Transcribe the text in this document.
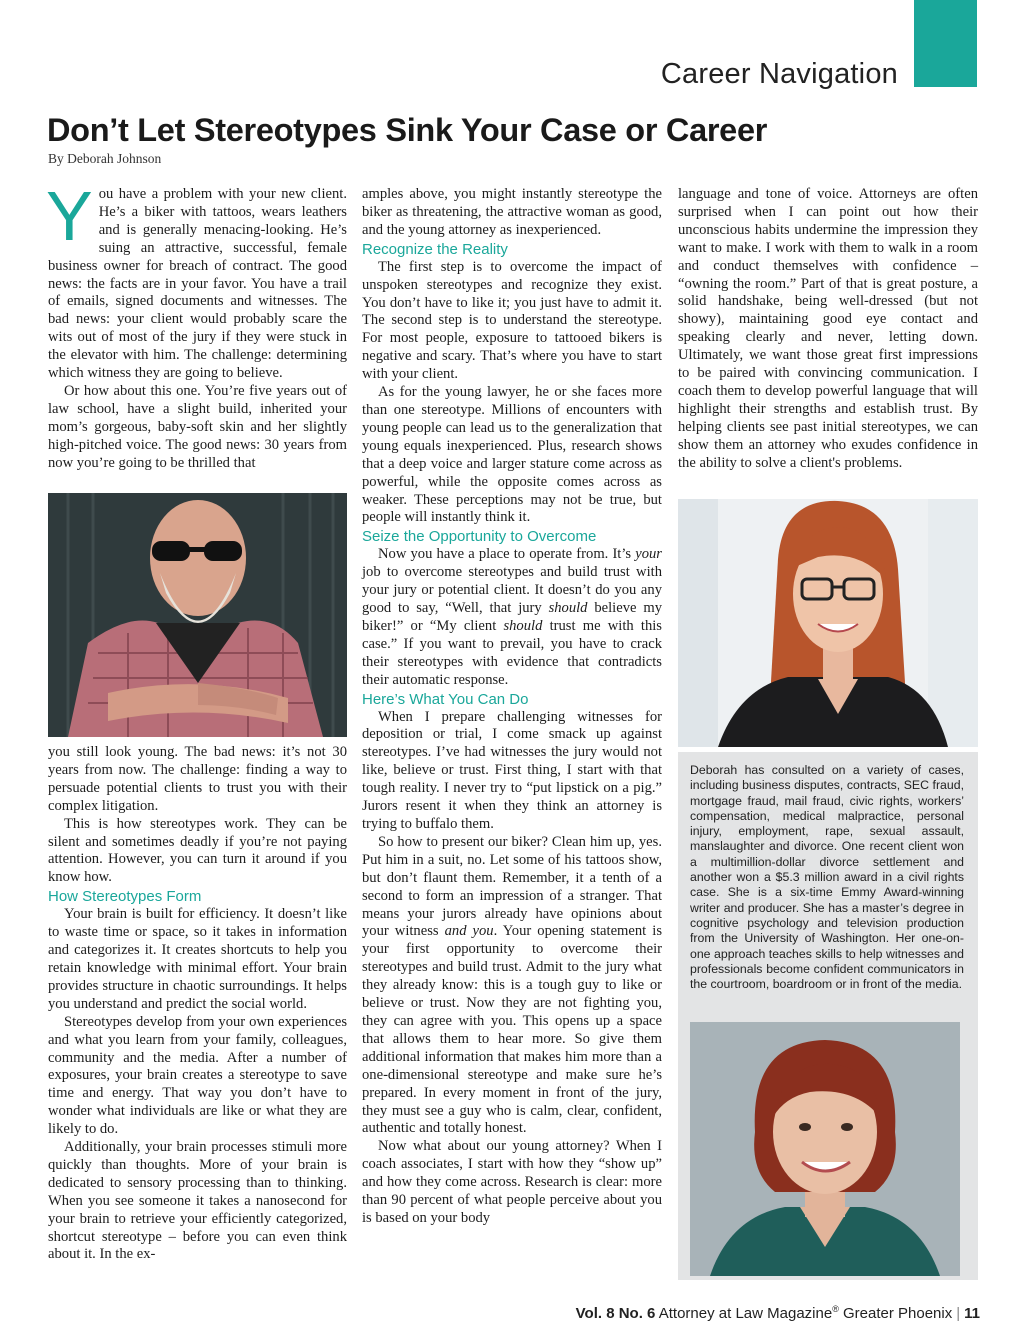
Career Navigation
Don’t Let Stereotypes Sink Your Case or Career
By Deborah Johnson

You have a problem with your new client. He’s a biker with tattoos, wears leathers and is generally menacing-looking. He’s suing an attractive, successful, female business owner for breach of contract. The good news: the facts are in your favor. You have a trail of emails, signed documents and witnesses. The bad news: your client would probably scare the wits out of most of the jury if they were stuck in the elevator with him. The challenge: determining which witness they are going to believe.

Or how about this one. You’re five years out of law school, have a slight build, inherited your mom’s gorgeous, baby-soft skin and her slightly high-pitched voice. The good news: 30 years from now you’re going to be thrilled that

you still look young. The bad news: it’s not 30 years from now. The challenge: finding a way to persuade potential clients to trust you with their complex litigation.

This is how stereotypes work. They can be silent and sometimes deadly if you’re not paying attention. However, you can turn it around if you know how.

How Stereotypes Form

Your brain is built for efficiency. It doesn’t like to waste time or space, so it takes in information and categorizes it. It creates shortcuts to help you retain knowledge with minimal effort. Your brain provides structure in chaotic surroundings. It helps you understand and predict the social world.

Stereotypes develop from your own experiences and what you learn from your family, colleagues, community and the media. After a number of exposures, your brain creates a stereotype to save time and energy. That way you don’t have to wonder what individuals are like or what they are likely to do.

Additionally, your brain processes stimuli more quickly than thoughts. More of your brain is dedicated to sensory processing than to thinking. When you see someone it takes a nanosecond for your brain to retrieve your efficiently categorized, shortcut stereotype – before you can even think about it. In the ex-

amples above, you might instantly stereotype the biker as threatening, the attractive woman as good, and the young attorney as inexperienced.

Recognize the Reality

The first step is to overcome the impact of unspoken stereotypes and recognize they exist. You don’t have to like it; you just have to admit it. The second step is to understand the stereotype. For most people, exposure to tattooed bikers is negative and scary. That’s where you have to start with your client.

As for the young lawyer, he or she faces more than one stereotype. Millions of encounters with young people can lead us to the generalization that young equals inexperienced. Plus, research shows that a deep voice and larger stature come across as powerful, while the opposite comes across as weaker. These perceptions may not be true, but people will instantly think it.

Seize the Opportunity to Overcome

Now you have a place to operate from. It’s your job to overcome stereotypes and build trust with your jury or potential client. It doesn’t do you any good to say, “Well, that jury should believe my biker!” or “My client should trust me with this case.” If you want to prevail, you have to crack their stereotypes with evidence that contradicts their automatic response.

Here’s What You Can Do

When I prepare challenging witnesses for deposition or trial, I come smack up against stereotypes. I’ve had witnesses the jury would not like, believe or trust. First thing, I start with that tough reality. I never try to “put lipstick on a pig.” Jurors resent it when they think an attorney is trying to buffalo them.

So how to present our biker? Clean him up, yes. Put him in a suit, no. Let some of his tattoos show, but don’t flaunt them. Remember, it a tenth of a second to form an impression of a stranger. That means your jurors already have opinions about your witness and you. Your opening statement is your first opportunity to overcome their stereotypes and build trust. Admit to the jury what they already know: this is a tough guy to like or believe or trust. Now they are not fighting you, they can agree with you. This opens up a space that allows them to hear more. So give them additional information that makes him more than a one-dimensional stereotype and make sure he’s prepared. In every moment in front of the jury, they must see a guy who is calm, clear, confident, authentic and totally honest.

Now what about our young attorney? When I coach associates, I start with how they “show up” and how they come across. Research is clear: more than 90 percent of what people perceive about you is based on your body

language and tone of voice. Attorneys are often surprised when I can point out how their unconscious habits undermine the impression they want to make. I work with them to walk in a room and conduct themselves with confidence – “owning the room.” Part of that is great posture, a solid handshake, being well-dressed (but not showy), maintaining good eye contact and speaking clearly and never, letting down. Ultimately, we want those great first impressions to be paired with convincing communication. I coach them to develop powerful language that will highlight their strengths and establish trust. By helping clients see past initial stereotypes, we can show them an attorney who exudes confidence in the ability to solve a client's problems.

Deborah has consulted on a variety of cases, including business disputes, contracts, SEC fraud, mortgage fraud, mail fraud, civic rights, workers’ compensation, medical malpractice, personal injury, employment, rape, sexual assault, manslaughter and divorce. One recent client won a multimillion-dollar divorce settlement and another won a $5.3 million award in a civil rights case. She is a six-time Emmy Award-winning writer and producer. She has a master’s degree in cognitive psychology and television production from the University of Washington. Her one-on-one approach teaches skills to help witnesses and professionals become confident communicators in the courtroom, boardroom or in front of the media.

Vol. 8 No. 6 Attorney at Law Magazine® Greater Phoenix | 11
